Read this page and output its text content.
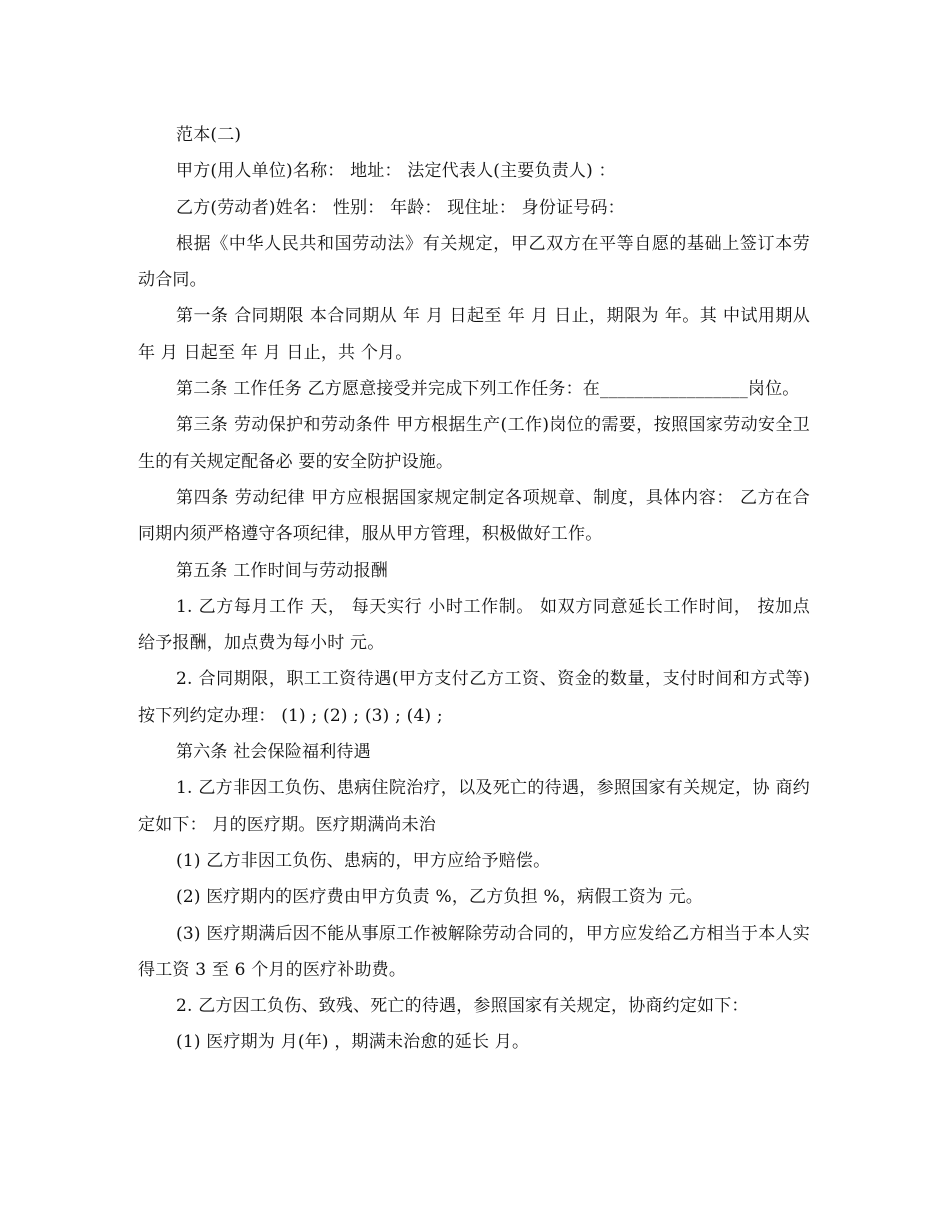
范本(二)

甲方(用人单位)名称： 地址： 法定代表人(主要负责人) ：

乙方(劳动者)姓名： 性别： 年龄： 现住址： 身份证号码：

根据《中华人民共和国劳动法》有关规定，甲乙双方在平等自愿的基础上签订本劳动合同。

第一条 合同期限 本合同期从 年 月 日起至 年 月 日止，期限为 年。其 中试用期从 年 月 日起至 年 月 日止，共 个月。

第二条 工作任务 乙方愿意接受并完成下列工作任务：在_________________岗位。

第三条 劳动保护和劳动条件 甲方根据生产(工作)岗位的需要，按照国家劳动安全卫生的有关规定配备必 要的安全防护设施。

第四条 劳动纪律 甲方应根据国家规定制定各项规章、制度，具体内容： 乙方在合同期内须严格遵守各项纪律，服从甲方管理，积极做好工作。

第五条 工作时间与劳动报酬

1. 乙方每月工作 天， 每天实行 小时工作制。 如双方同意延长工作时间， 按加点给予报酬，加点费为每小时 元。

2. 合同期限，职工工资待遇(甲方支付乙方工资、资金的数量，支付时间和方式等)按下列约定办理： (1) ; (2) ; (3) ; (4) ;

第六条 社会保险福利待遇

1. 乙方非因工负伤、患病住院治疗，以及死亡的待遇，参照国家有关规定，协 商约定如下： 月的医疗期。医疗期满尚未治

(1) 乙方非因工负伤、患病的，甲方应给予赔偿。

(2) 医疗期内的医疗费由甲方负责 %，乙方负担 %，病假工资为 元。

(3) 医疗期满后因不能从事原工作被解除劳动合同的，甲方应发给乙方相当于本人实得工资 3 至 6 个月的医疗补助费。

2. 乙方因工负伤、致残、死亡的待遇，参照国家有关规定，协商约定如下：

(1) 医疗期为 月(年) ，期满未治愈的延长 月。
